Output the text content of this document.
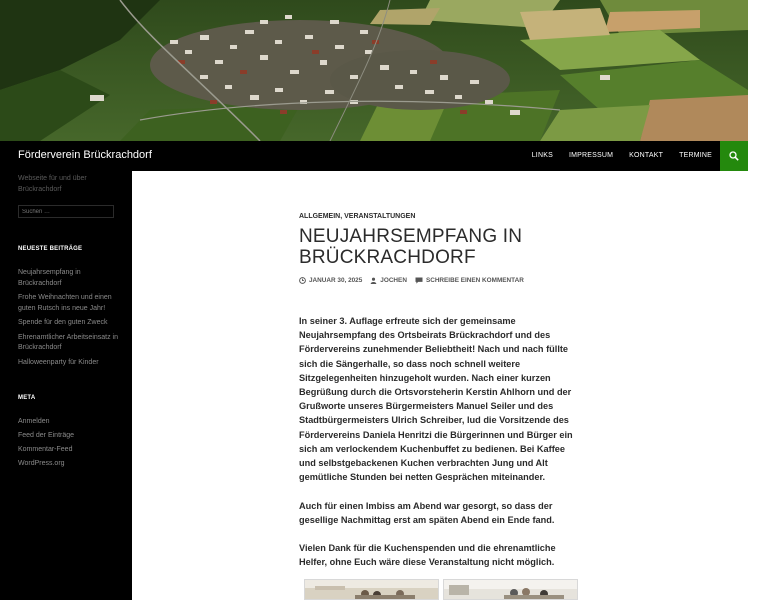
Förderverein Brückrachdorf	LINKS	IMPRESSUM	KONTAKT	TERMINE

Webseite für und über Brückrachdorf

Suchen …
NEUESTE BEITRÄGE
Neujahrsempfang in Brückrachdorf
Frohe Weihnachten und einen guten Rutsch ins neue Jahr!
Spende für den guten Zweck
Ehrenamtlicher Arbeitseinsatz in Brückrachdorf
Halloweenparty für Kinder
META
Anmelden
Feed der Einträge
Kommentar-Feed
WordPress.org
ALLGEMEIN, VERANSTALTUNGEN
NEUJAHRSEMPFANG IN BRÜCKRACHDORF
JANUAR 30, 2025	JOCHEN	SCHREIBE EINEN KOMMENTAR

In seiner 3. Auflage erfreute sich der gemeinsame Neujahrsempfang des Ortsbeirats Brückrachdorf und des Fördervereins zunehmender Beliebtheit! Nach und nach füllte sich die Sängerhalle, so dass noch schnell weitere Sitzgelegenheiten hinzugeholt wurden. Nach einer kurzen Begrüßung durch die Ortsvorsteherin Kerstin Ahlhorn und der Grußworte unseres Bürgermeisters Manuel Seiler und des Stadtbürgermeisters Ulrich Schreiber, lud die Vorsitzende des Fördervereins Daniela Henritzi die Bürgerinnen und Bürger ein sich am verlockendem Kuchenbuffet zu bedienen. Bei Kaffee und selbstgebackenen Kuchen verbrachten Jung und Alt gemütliche Stunden bei netten Gesprächen miteinander.

Auch für einen Imbiss am Abend war gesorgt, so dass der gesellige Nachmittag erst am späten Abend ein Ende fand.

Vielen Dank für die Kuchenspenden und die ehrenamtliche Helfer, ohne Euch wäre diese Veranstaltung nicht möglich.
